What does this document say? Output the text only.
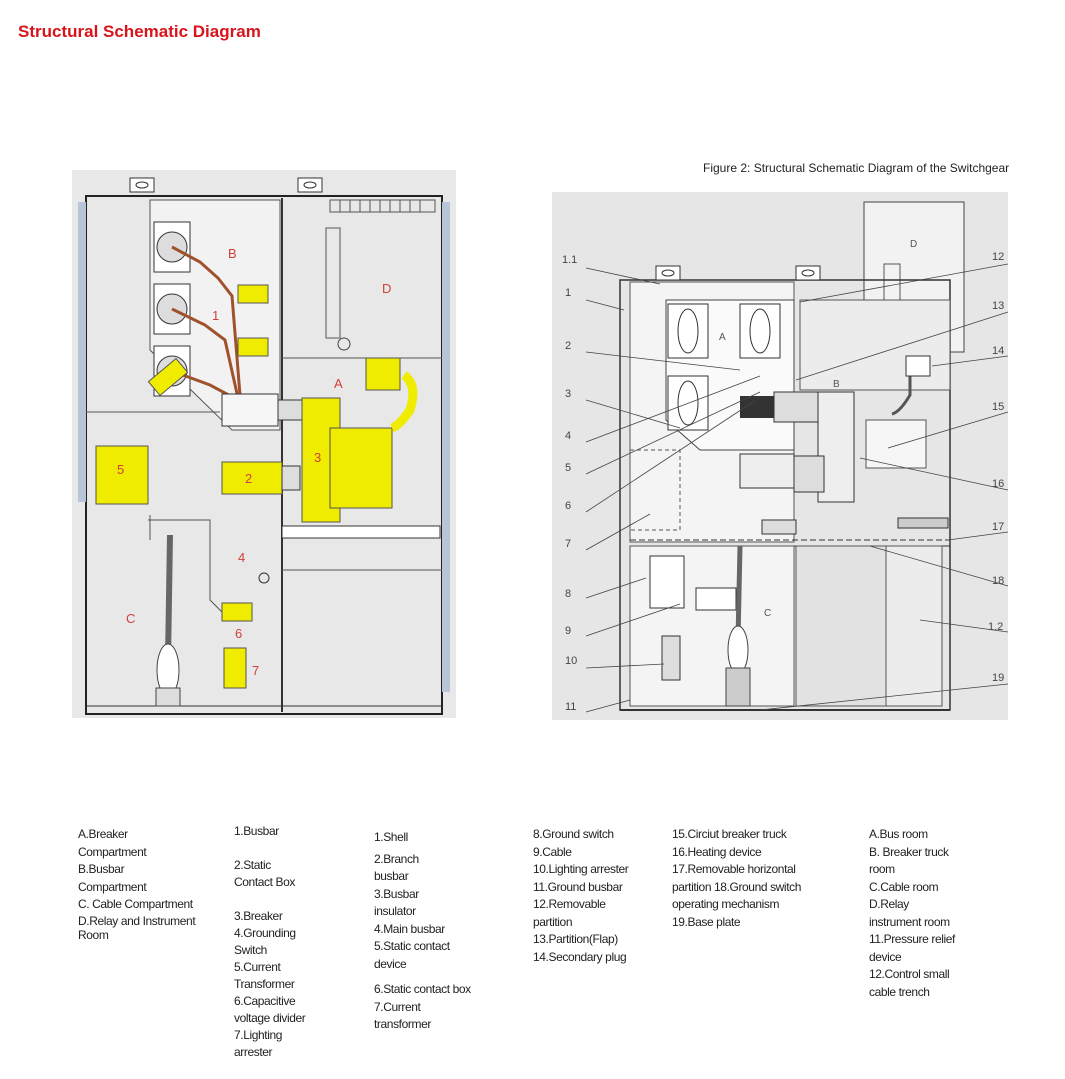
Structural Schematic Diagram
B
D
A
C
1
2
3
4
5
6
7
Figure 2: Structural Schematic Diagram of the Switchgear
1.1
1
2
3
4
5
6
7
8
9
10
11
12
13
14
15
16
17
18
1.2
19
A
B
C
D
A.Breaker
Compartment
B.Busbar
Compartment
C. Cable Compartment
D.Relay and Instrument
Room
1.Busbar

2.Static
Contact Box

3.Breaker
4.Grounding
Switch
5.Current
Transformer
6.Capacitive
voltage divider
7.Lighting
arrester
1.Shell
2.Branch
busbar
3.Busbar
insulator
4.Main busbar
5.Static contact
device
6.Static contact box
7.Current
transformer
8.Ground switch
9.Cable
10.Lighting arrester
11.Ground busbar
12.Removable
partition
13.Partition(Flap)
14.Secondary plug
15.Circiut breaker truck
16.Heating device
17.Removable horizontal
partition 18.Ground switch
operating mechanism
19.Base plate
A.Bus room
B. Breaker truck
room
C.Cable room
D.Relay
instrument room
11.Pressure relief
device
12.Control small
cable trench
